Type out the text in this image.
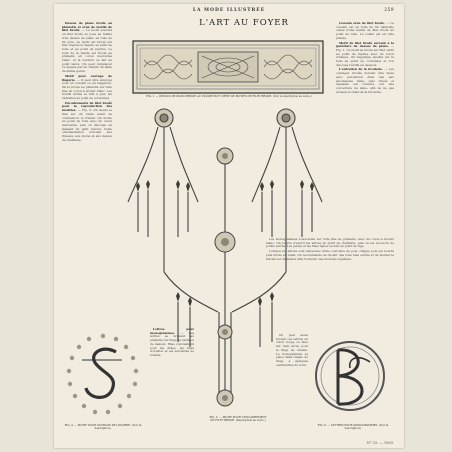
LA MODE ILLUSTRÉE	259
L'ART AU FOYER

Dessus de piano brodé au plumetis et orné de motifs de filet brodé. — Le motif exécuté en filet brodé se pose au milieu d'un dessus de piano en toile de lin écru. Le motif est brodé sur filet d'après le dessin, au point de toile et au point de reprise. Le fond de la bande est brodé au plumetis en coton mercerisé blanc, et la bordure se fait au point lancé. On peut remplacer ce dessus par un chemin de table de même genre.

Motif pour ouvrage de lingerie. — Il peut être employé pour un coussin ou un napperon. On le brode au plumetis sur toile fine en coton à broder blanc. Les motifs évidés se font à jour, les barrettes au point de cordonnet.

Encadrements de filet brodé pour la reproduction des modèles. — Fig. 3. On monte le filet sur un cadre avant de commencer le travail. On brode au point de toile avec du coton mercerisé, puis on découpe en laissant un petit rebord. Cette ornementation convient aux rideaux, aux stores et aux dessus de cheminée.

Coussin orné de filet brodé. — Le coussin est en toile de lin naturelle ornée d'une bande de filet brodé au point de toile. Le volant est en toile plissée.

Motif de filet brodé servant à la garniture de dessus de piano. — Fig. 1. Ce motif se brode sur filet carré au point de reprise avec du coton d'Alsace. On l'applique ensuite sur la toile au point de cordonnet et l'on découpe l'étoffe en dessous.

L'entretien de la broderie. — Les ouvrages brodés doivent être lavés avec précaution dans une eau savonneuse tiède, puis rincés et repassés sur l'envers, sur une couverture de laine, afin de ne pas écraser le relief de la broderie.

Les monogrammes s'exécutent sur toile fine au plumetis, avec du coton à broder blanc. On bourre d'abord les lettres au point de chaînette, puis on les recouvre de points serrés. Les perles et les fines lignes se font au point de tige.

Lorsque les lettres sont entourées d'une couronne de pois, chaque pois est bourré puis brodé en relief. On recommande de choisir une toile bien serrée et de monter le travail sur un métier afin d'obtenir une broderie régulière.

Lettres pour monogrammes. — Les lettres se brodent au plumetis sur linge de table ou de maison. Elles conviennent pour les draps, les taies d'oreiller et les serviettes de toilette.

On peut aussi broder ces lettres en coton rouge ou bleu sur toile écrue pour le linge de cuisine. Le monogramme se place dans l'angle du linge, à quelques centimètres du bord.

FIG. 1. — DESSUS DE PIANO BRODÉ AU PLUMETIS ET ORNÉ DE MOTIFS DE FILET BRODÉ. (Voir la description au verso.)
FIG. 5. — MOTIF POUR L'ENCADREMENT DE FILET BRODÉ. (Description au recto.)
FIG. 4. — MOTIF POUR OUVRAGE DE LINGERIE. (Voir la description.)
FIG. 6. — LETTRES POUR MONOGRAMMES. (Voir la description.)
N° 33. — 1909.
